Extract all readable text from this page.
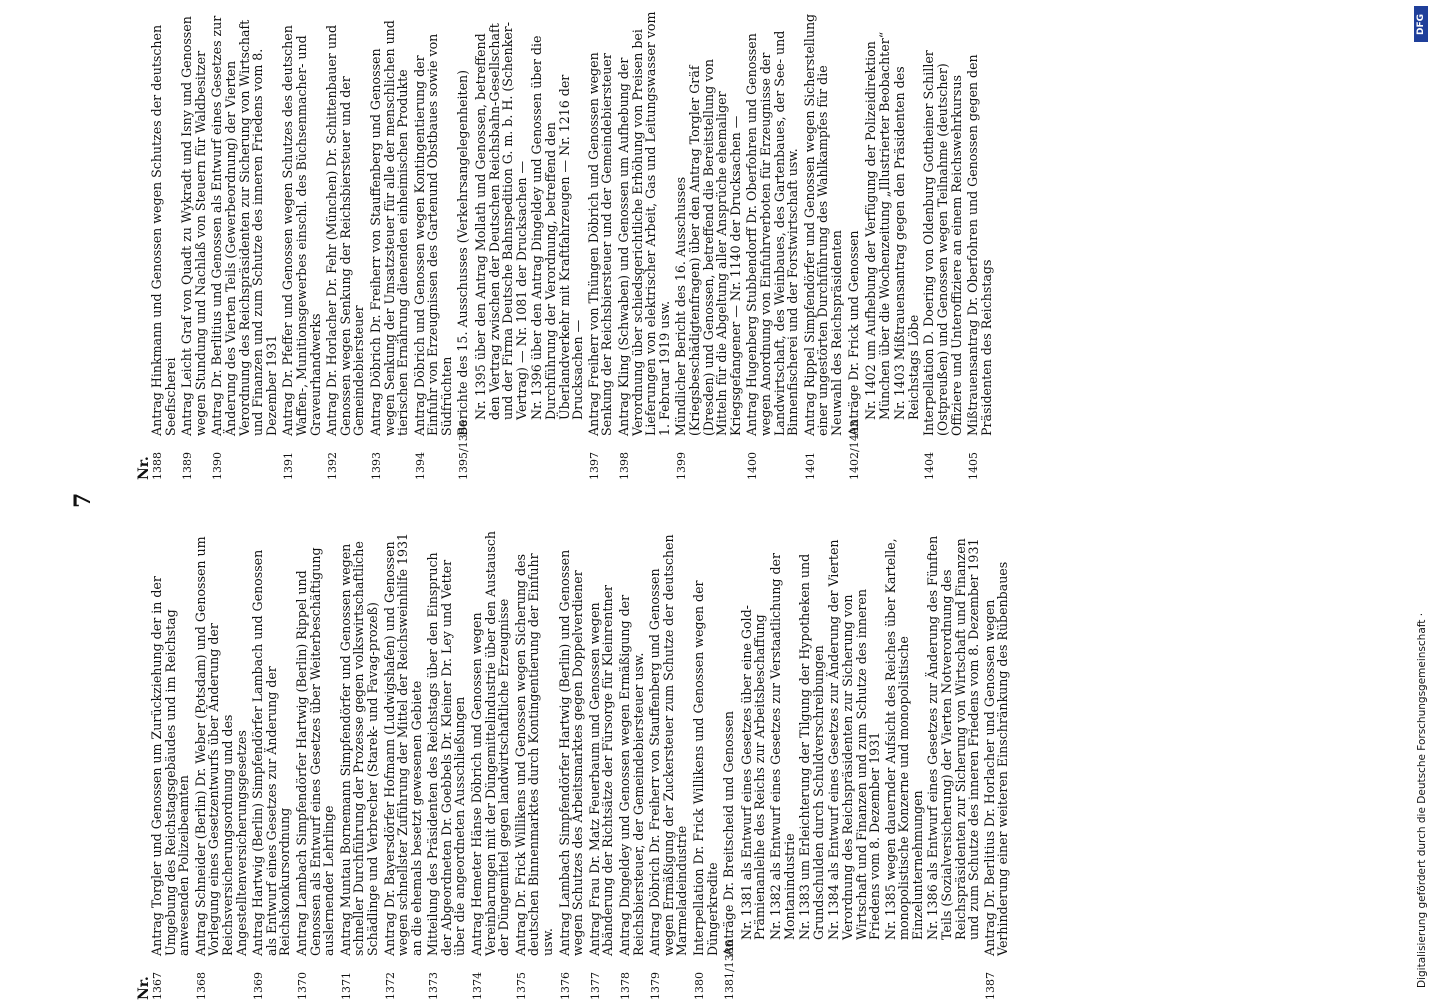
7
Nr. 1367
Antrag Torgler und Genossen um Zurückziehung der in der Umgebung des Reichstagsgebäudes und im Reichstag anwesenden Polizeibeamten
1368
Antrag Schneider (Berlin) Dr. Weber (Potsdam) und Genossen um Vorlegung eines Gesetzentwurfs über Änderung der Reichsversicherungsordnung und des Angestelltenversicherungsgesetzes
1369
Antrag Hartwig (Berlin) Simpfendörfer Lambach und Genossen als Entwurf eines Gesetzes zur Änderung der Reichskonkursordnung
1370
Antrag Lambach Simpfendörfer Hartwig (Berlin) Rippel und Genossen als Entwurf eines Gesetzes über Weiterbeschäftigung auslernender Lehrlinge
1371
Antrag Muntau Bornemann Simpfendörfer und Genossen wegen schneller Durchführung der Prozesse gegen volkswirtschaftliche Schädlinge und Verbrecher (Starek- und Favag-prozeß)
1372
Antrag Dr. Bayersdörfer Hofmann (Ludwigshafen) und Genossen wegen schnellster Zuführung der Mittel der Reichsweinhilfe 1931 an die ehemals besetzt gewesenen Gebiete
1373
Mitteilung des Präsidenten des Reichstags über den Einspruch der Abgeordneten Dr. Goebbels Dr. Kleiner Dr. Ley und Vetter über die angeordneten Ausschließungen
1374
Antrag Hemeter Hänse Döbrich und Genossen wegen Vereinbarungen mit der Düngemittelindustrie über den Austausch der Düngemittel gegen landwirtschaftliche Erzeugnisse
1375
Antrag Dr. Frick Willikens und Genossen wegen Sicherung des deutschen Binnenmarktes durch Kontingentierung der Einfuhr usw.
1376
Antrag Lambach Simpfendörfer Hartwig (Berlin) und Genossen wegen Schutzes des Arbeitsmarktes gegen Doppelverdiener
1377
Antrag Frau Dr. Matz Feuerbaum und Genossen wegen Abänderung der Richtsätze der Fürsorge für Kleinrentner
1378
Antrag Dingeldey und Genossen wegen Ermäßigung der Reichsbiersteuer, der Gemeindebiersteuer usw.
1379
Antrag Döbrich Dr. Freiherr von Stauffenberg und Genossen wegen Ermäßigung der Zuckersteuer zum Schutze der deutschen Marmeladeindustrie
1380
Interpellation Dr. Frick Willikens und Genossen wegen der Düngerkredite
1381/1386
Anträge Dr. Breitscheid und Genossen Nr. 1381 als Entwurf eines Gesetzes über eine Gold-Prämienanleihe des Reichs zur Arbeitsbeschaffung Nr. 1382 als Entwurf eines Gesetzes zur Verstaatlichung der Montanindustrie Nr. 1383 um Erleichterung der Tilgung der Hypotheken und Grundschulden durch Schuldverschreibungen Nr. 1384 als Entwurf eines Gesetzes zur Änderung der Vierten Verordnung des Reichspräsidenten zur Sicherung von Wirtschaft und Finanzen und zum Schutze des inneren Friedens vom 8. Dezember 1931 Nr. 1385 wegen dauernder Aufsicht des Reiches über Kartelle, monopolistische Konzerne und monopolistische Einzelunternehmungen Nr. 1386 als Entwurf eines Gesetzes zur Änderung des Fünften Teils (Sozialversicherung) der Vierten Notverordnung des Reichspräsidenten zur Sicherung von Wirtschaft und Finanzen und zum Schutze des inneren Friedens vom 8. Dezember 1931
1387
Antrag Dr. Berlitius Dr. Horlacher und Genossen wegen Verhinderung einer weiteren Einschränkung des Rübenbaues
Nr. 1388
Antrag Hinkmann und Genossen wegen Schutzes der deutschen Seefischerei
1389
Antrag Leicht Graf von Quadt zu Wykradt und Isny und Genossen wegen Stundung und Nachlaß von Steuern für Waldbesitzer
1390
Antrag Dr. Berlitius und Genossen als Entwurf eines Gesetzes zur Änderung des Vierten Teils (Gewerbeordnung) der Vierten Verordnung des Reichspräsidenten zur Sicherung von Wirtschaft und Finanzen und zum Schutze des inneren Friedens vom 8. Dezember 1931
1391
Antrag Dr. Pfeffer und Genossen wegen Schutzes des deutschen Waffen-, Munitionsgewerbes einschl. des Büchsenmacher- und Graveurhandwerks
1392
Antrag Dr. Horlacher Dr. Fehr (München) Dr. Schittenbauer und Genossen wegen Senkung der Reichsbiersteuer und der Gemeindebiersteuer
1393
Antrag Döbrich Dr. Freiherr von Stauffenberg und Genossen wegen Senkung der Umsatzsteuer für alle der menschlichen und tierischen Ernährung dienenden einheimischen Produkte
1394
Antrag Döbrich und Genossen wegen Kontingentierung der Einfuhr von Erzeugnissen des Gartenund Obstbaues sowie von Südfrüchten
1395/1396
Berichte des 15. Ausschusses (Verkehrsangelegenheiten) Nr. 1395 über den Antrag Mollath und Genossen, betreffend den Vertrag zwischen der Deutschen Reichsbahn-Gesellschaft und der Firma Deutsche Bahnspedition G. m. b. H. (Schenker-Vertrag) — Nr. 1081 der Drucksachen — Nr. 1396 über den Antrag Dingeldey und Genossen über die Durchführung der Verordnung, betreffend den Überlandverkehr mit Kraftfahrzeugen — Nr. 1216 der Drucksachen —
1397
Antrag Freiherr von Thüngen Döbrich und Genossen wegen Senkung der Reichsbiersteuer und der Gemeindebiersteuer
1398
Antrag Kling (Schwaben) und Genossen um Aufhebung der Verordnung über schiedsgerichtliche Erhöhung von Preisen bei Lieferungen von elektrischer Arbeit, Gas und Leitungswasser vom 1. Februar 1919 usw.
1399
Mündlicher Bericht des 16. Ausschusses (Kriegsbeschädigtenfragen) über den Antrag Torgler Gräf (Dresden) und Genossen, betreffend die Bereitstellung von Mitteln für die Abgeltung aller Ansprüche ehemaliger Kriegsgefangener — Nr. 1140 der Drucksachen —
1400
Antrag Hugenberg Stubbendorff Dr. Oberfohren und Genossen wegen Anordnung von Einfuhrverboten für Erzeugnisse der Landwirtschaft, des Weinbaues, des Gartenbaues, der See- und Binnenfischerei und der Forstwirtschaft usw.
1401
Antrag Rippel Simpfendörfer und Genossen wegen Sicherstellung einer ungestörten Durchführung des Wahlkampfes für die Neuwahl des Reichspräsidenten
1402/1403
Anträge Dr. Frick und Genossen Nr. 1402 um Aufhebung der Verfügung der Polizeidirektion München über die Wochenzeitung „Illustrierter Beobachter“ Nr. 1403 Mißtrauensantrag gegen den Präsidenten des Reichstags Löbe
1404
Interpellation D. Doering von Oldenburg Gottheiner Schiller (Ostpreußen) und Genossen wegen Teilnahme (deutscher) Offiziere und Unteroffiziere an einem Reichswehrkursus
1405
Mißtrauensantrag Dr. Oberfohren und Genossen gegen den Präsidenten des Reichstags
DFG
Digitalisierung gefördert durch die Deutsche Forschungsgemeinschaft ·
